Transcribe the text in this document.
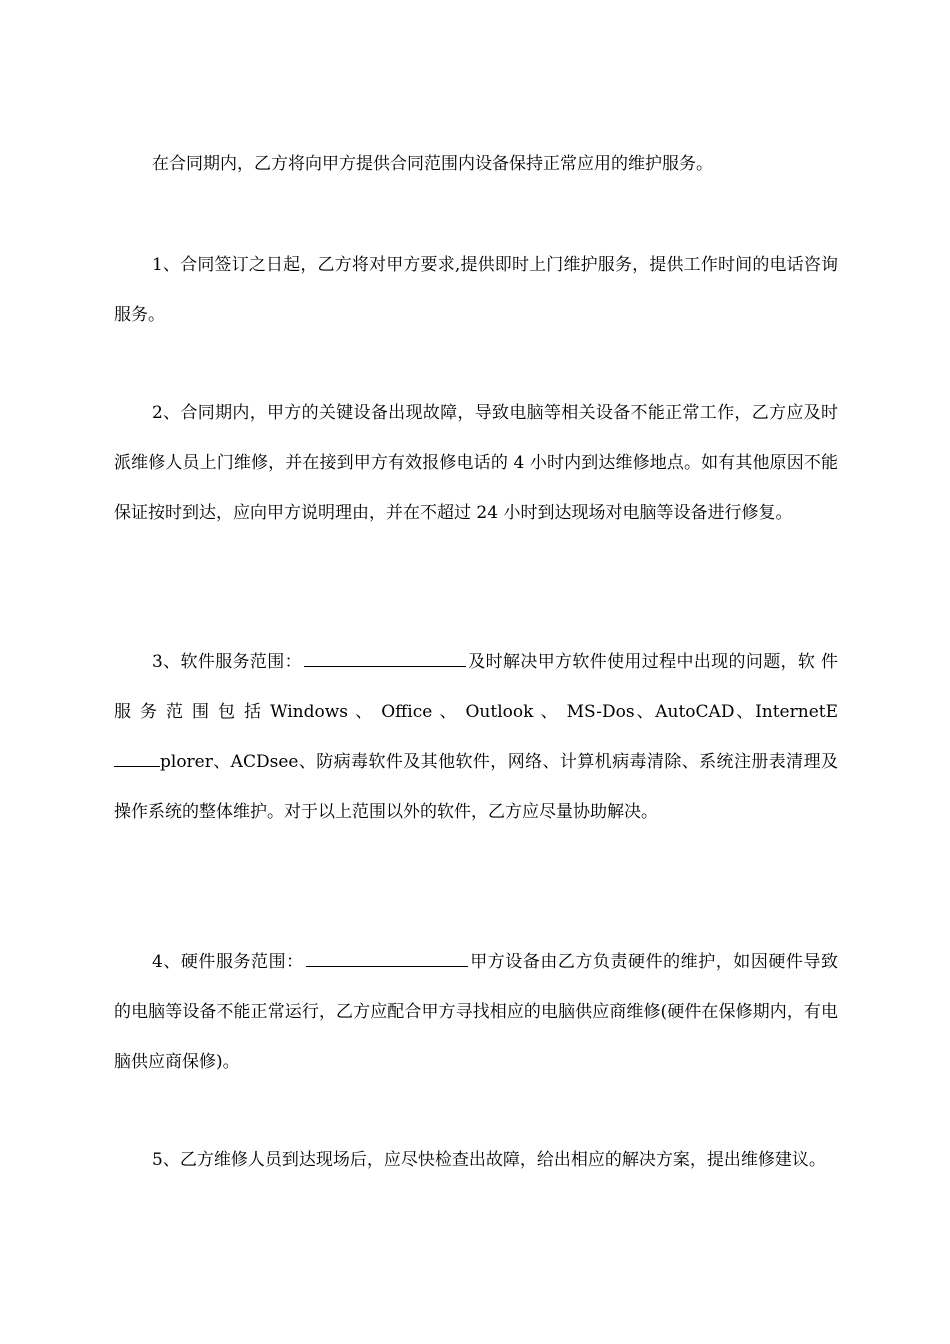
在合同期内，乙方将向甲方提供合同范围内设备保持正常应用的维护服务。

1、合同签订之日起，乙方将对甲方要求,提供即时上门维护服务，提供工作时间的电话咨询服务。

2、合同期内，甲方的关键设备出现故障，导致电脑等相关设备不能正常工作，乙方应及时派维修人员上门维修，并在接到甲方有效报修电话的 4 小时内到达维修地点。如有其他原因不能保证按时到达，应向甲方说明理由，并在不超过 24 小时到达现场对电脑等设备进行修复。

3、软件服务范围：	及时解决甲方软件使用过程中出现的问题，软 件 服 务 范 围 包 括 Windows 、 Office 、 Outlook 、 MS-Dos、AutoCAD、InternetEplorer、ACDsee、防病毒软件及其他软件，网络、计算机病毒清除、系统注册表清理及操作系统的整体维护。对于以上范围以外的软件，乙方应尽量协助解决。

4、硬件服务范围：	甲方设备由乙方负责硬件的维护，如因硬件导致的电脑等设备不能正常运行，乙方应配合甲方寻找相应的电脑供应商维修(硬件在保修期内，有电脑供应商保修)。

5、乙方维修人员到达现场后，应尽快检查出故障，给出相应的解决方案，提出维修建议。
